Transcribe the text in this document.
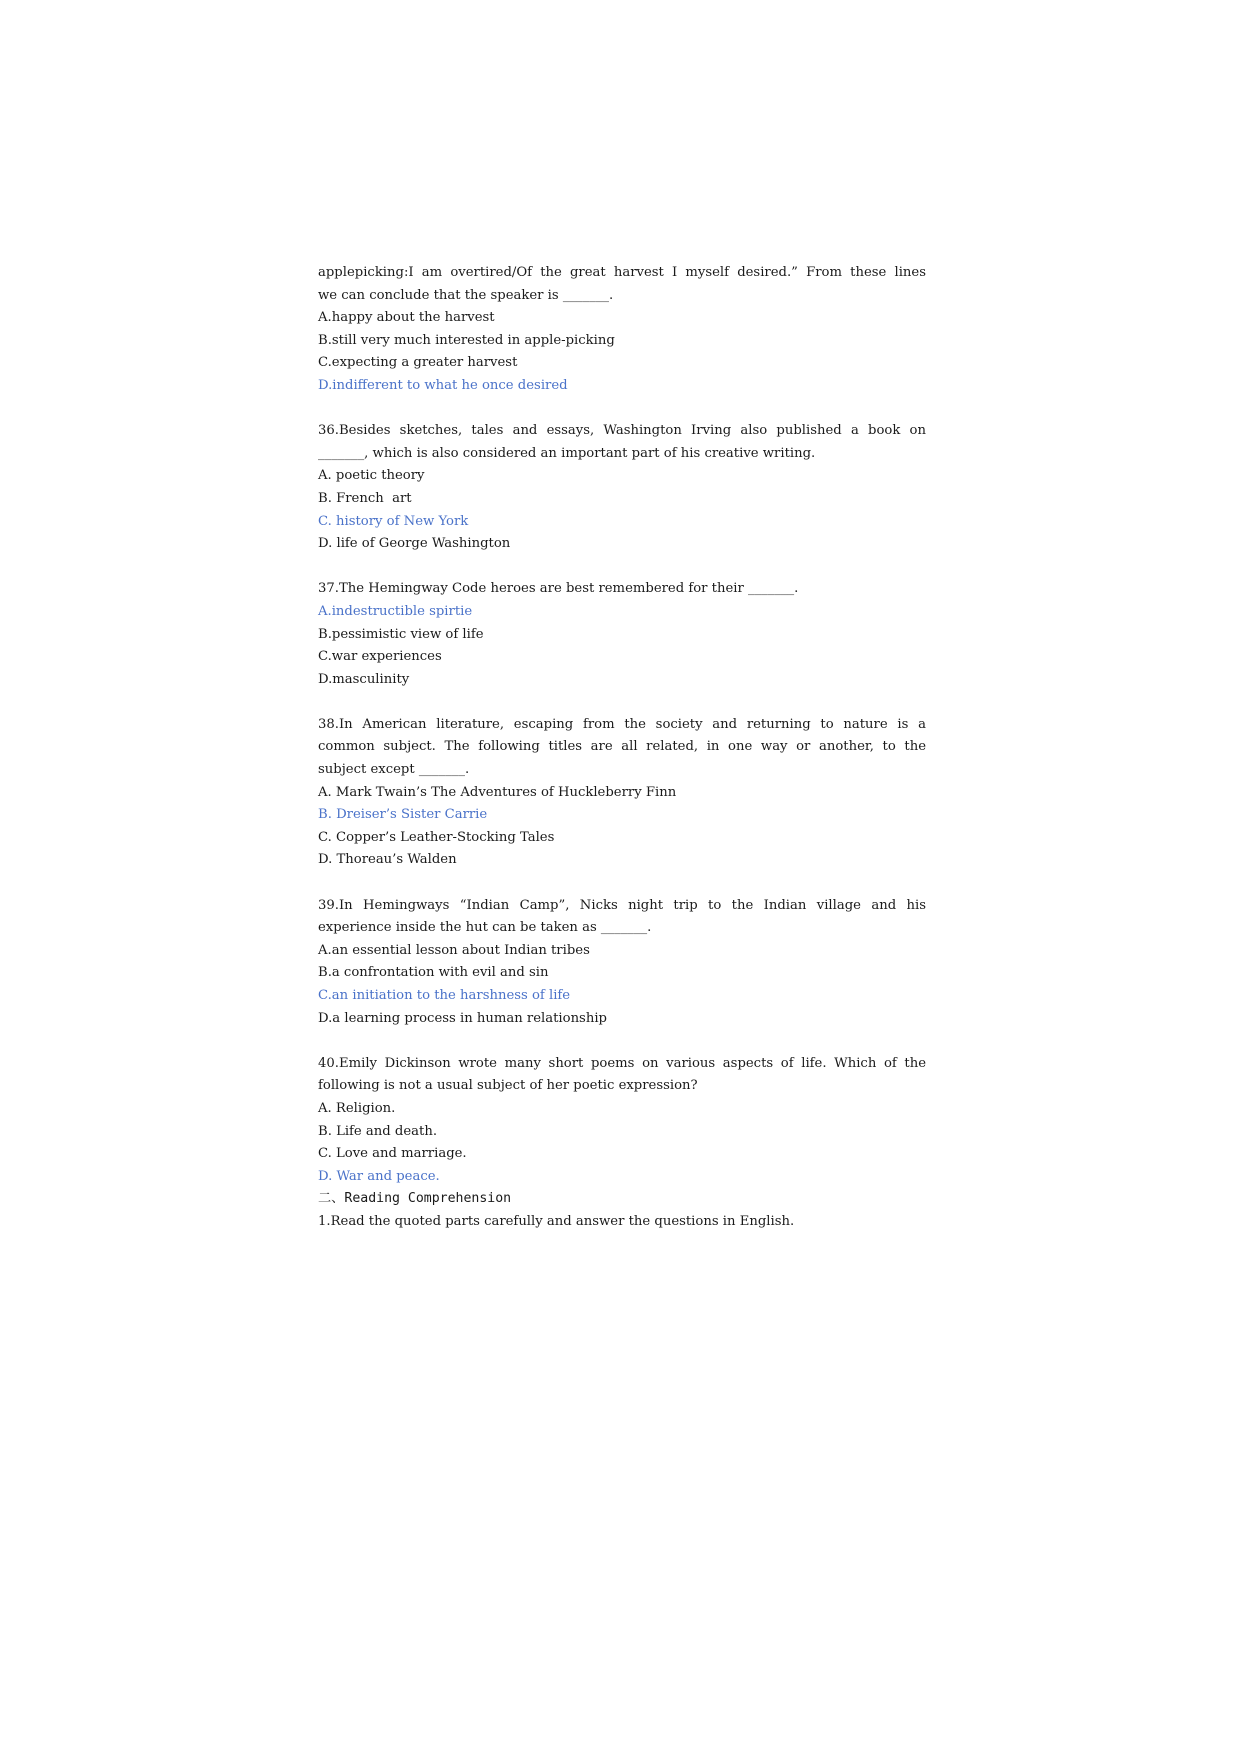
applepicking:I am overtired/Of the great harvest I myself desired.” From these lines
we can conclude that the speaker is _______.
A.happy about the harvest
B.still very much interested in apple-picking
C.expecting a greater harvest
D.indifferent to what he once desired
36.Besides sketches, tales and essays, Washington Irving also published a book on
_______, which is also considered an important part of his creative writing.
A. poetic theory
B. French  art
C. history of New York
D. life of George Washington
37.The Hemingway Code heroes are best remembered for their _______.
A.indestructible spirtie
B.pessimistic view of life
C.war experiences
D.masculinity
38.In American literature, escaping from the society and returning to nature is a
common subject. The following titles are all related, in one way or another, to the
subject except _______.
A. Mark Twain’s The Adventures of Huckleberry Finn
B. Dreiser’s Sister Carrie
C. Copper’s Leather-Stocking Tales
D. Thoreau’s Walden
39.In Hemingways “Indian Camp”, Nicks night trip to the Indian village and his
experience inside the hut can be taken as _______.
A.an essential lesson about Indian tribes
B.a confrontation with evil and sin
C.an initiation to the harshness of life
D.a learning process in human relationship
40.Emily Dickinson wrote many short poems on various aspects of life. Which of the
following is not a usual subject of her poetic expression?
A. Religion.
B. Life and death.
C. Love and marriage.
D. War and peace.
二、Reading Comprehension
1.Read the quoted parts carefully and answer the questions in English.
